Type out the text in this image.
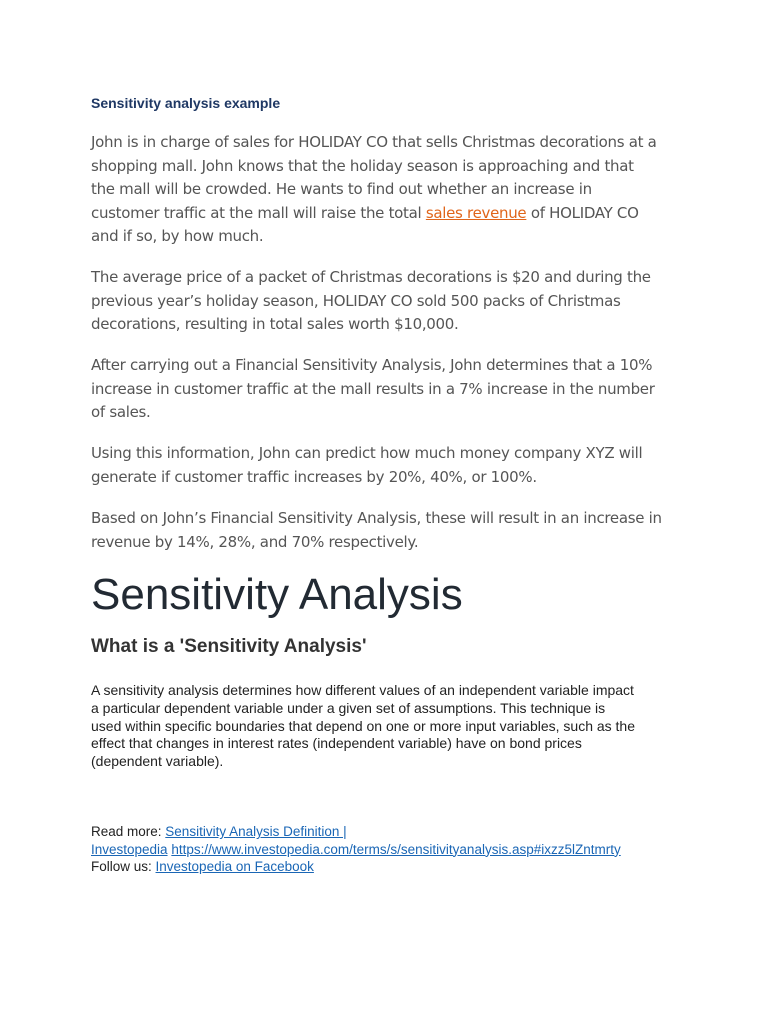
Sensitivity analysis example

John is in charge of sales for HOLIDAY CO that sells Christmas decorations at a
shopping mall. John knows that the holiday season is approaching and that
the mall will be crowded. He wants to find out whether an increase in
customer traffic at the mall will raise the total sales revenue of HOLIDAY CO
and if so, by how much.

The average price of a packet of Christmas decorations is $20 and during the
previous year’s holiday season, HOLIDAY CO sold 500 packs of Christmas
decorations, resulting in total sales worth $10,000.

After carrying out a Financial Sensitivity Analysis, John determines that a 10%
increase in customer traffic at the mall results in a 7% increase in the number
of sales.

Using this information, John can predict how much money company XYZ will
generate if customer traffic increases by 20%, 40%, or 100%.

Based on John’s Financial Sensitivity Analysis, these will result in an increase in
revenue by 14%, 28%, and 70% respectively.

Sensitivity Analysis
What is a 'Sensitivity Analysis'

A sensitivity analysis determines how different values of an independent variable impact
a particular dependent variable under a given set of assumptions. This technique is
used within specific boundaries that depend on one or more input variables, such as the
effect that changes in interest rates (independent variable) have on bond prices
(dependent variable).

Read more: Sensitivity Analysis Definition |
Investopedia https://www.investopedia.com/terms/s/sensitivityanalysis.asp#ixzz5lZntmrty
Follow us: Investopedia on Facebook
